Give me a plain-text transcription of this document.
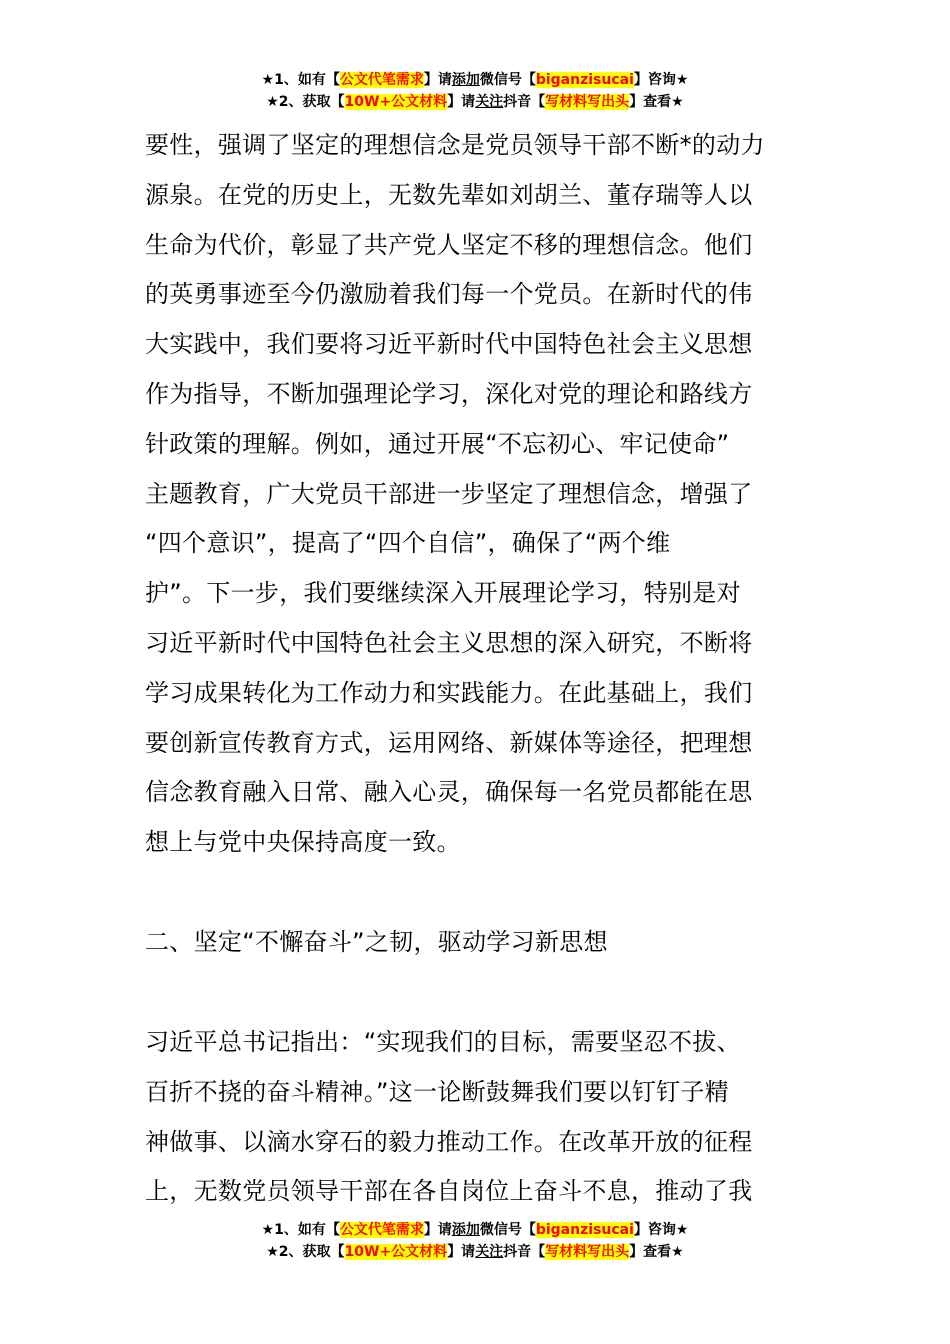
★1、如有【公文代笔需求】请添加微信号【biganzisucai】咨询★
★2、获取【10W+公文材料】请关注抖音【写材料写出头】查看★

要性，强调了坚定的理想信念是党员领导干部不断*的动力
源泉。在党的历史上，无数先辈如刘胡兰、董存瑞等人以
生命为代价，彰显了共产党人坚定不移的理想信念。他们
的英勇事迹至今仍激励着我们每一个党员。在新时代的伟
大实践中，我们要将习近平新时代中国特色社会主义思想
作为指导，不断加强理论学习，深化对党的理论和路线方
针政策的理解。例如，通过开展“不忘初心、牢记使命”
主题教育，广大党员干部进一步坚定了理想信念，增强了
“四个意识”，提高了“四个自信”，确保了“两个维
护”。下一步，我们要继续深入开展理论学习，特别是对
习近平新时代中国特色社会主义思想的深入研究，不断将
学习成果转化为工作动力和实践能力。在此基础上，我们
要创新宣传教育方式，运用网络、新媒体等途径，把理想
信念教育融入日常、融入心灵，确保每一名党员都能在思
想上与党中央保持高度一致。

二、坚定“不懈奋斗”之韧，驱动学习新思想

习近平总书记指出：“实现我们的目标，需要坚忍不拔、
百折不挠的奋斗精神。”这一论断鼓舞我们要以钉钉子精
神做事、以滴水穿石的毅力推动工作。在改革开放的征程
上，无数党员领导干部在各自岗位上奋斗不息，推动了我

★1、如有【公文代笔需求】请添加微信号【biganzisucai】咨询★
★2、获取【10W+公文材料】请关注抖音【写材料写出头】查看★
